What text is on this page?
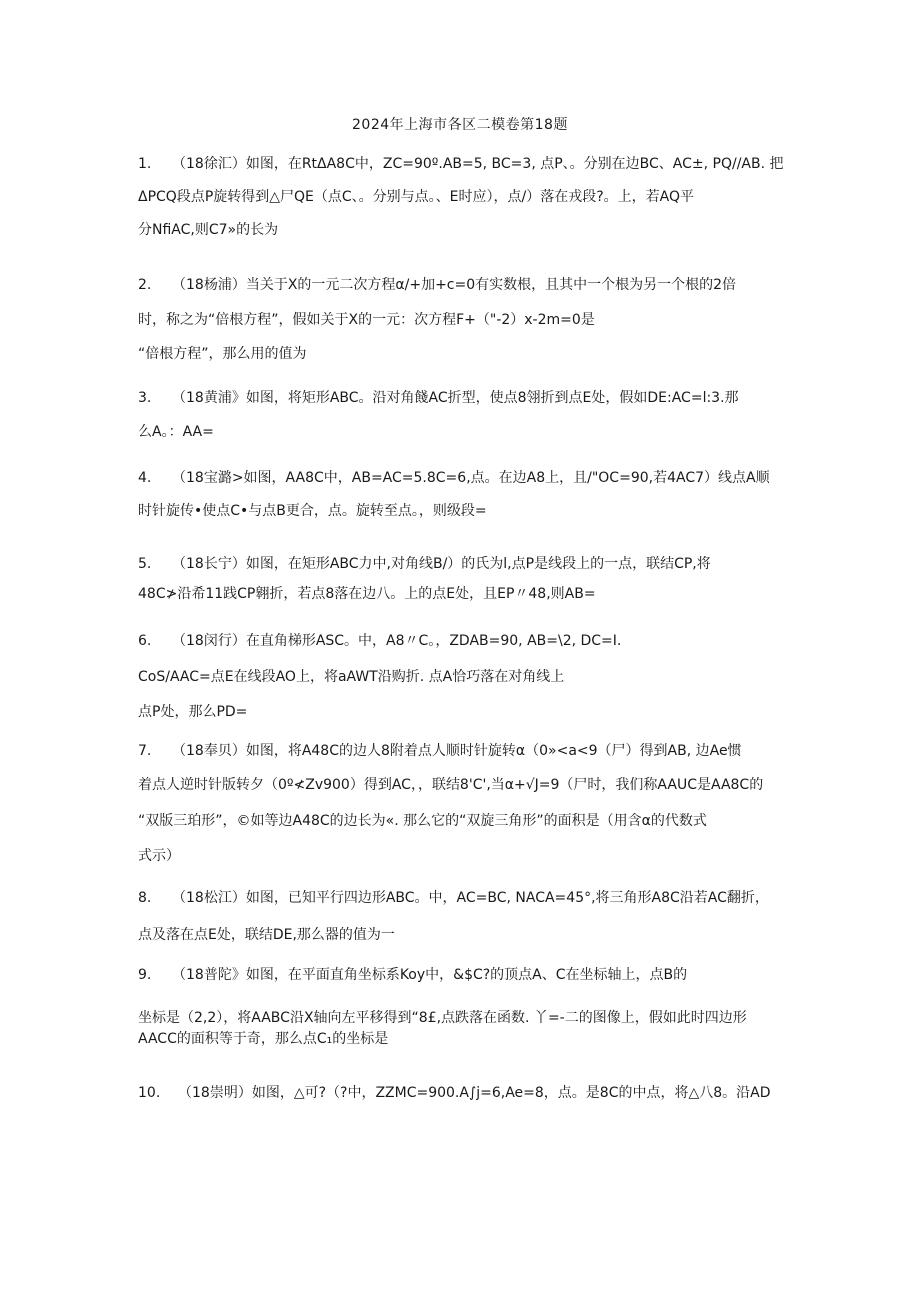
2024年上海市各区二模卷第18题
1. （18徐汇）如图，在RtΔA8C中，ZC=90º.AB=5, BC=3, 点P、。分别在边BC、AC±, PQ//AB. 把
ΔPCQ段点P旋转得到△尸QE（点C、。分别与点。、E时应），点/）落在戎段?。上，若AQ平
分NfiAC,则C7»的长为
2. （18杨浦）当关于X的一元二次方程α/+加+c=0有实数根，且其中一个根为另一个根的2倍
时，称之为“倍根方程”，假如关于X的一元：次方程F+（"-2）x-2m=0是
“倍根方程”，那么用的值为
3. （18黄浦》如图，将矩形ABC。沿对角餞AC折型，使点8翎折到点E处，假如DE:AC=l:3.那
么A。：AA=
4. （18宝潞>如图，AA8C中，AB=AC=5.8C=6,点。在边A8上，且/"OC=90,若4AC7）线点A顺
时针旋传•使点C•与点B更合，点。旋转至点。，则级段=
5. （18长宁）如图，在矩形ABC力中,对角线B/）的氏为l,点P是线段上的一点，联结CP,将
48C≯沿希11践CP翱折，若点8落在边八。上的点E处，且EP〃48,则AB=
6. （18闵行）在直角梯形ASC。中，A8〃C。，ZDAB=90, AB=\2, DC=I.
CoS/AAC=点E在线段AO上，将aAWT沿购折. 点A恰巧落在对角线上
点P处，那么PD=
7. （18奉贝）如图，将A48C的边人8附着点人顺时针旋转α（0»<a<9（尸）得到AB, 边Ae惯
着点人逆时针版转夕（0º≮Zv900）得到AC，，联结8'C',当α+√J=9（尸时，我们称AAUC是AA8C的
“双版三珀形”，©如等边A48C的边长为«. 那么它的“双旋三角形”的面积是（用含α的代数式
式示）
8. （18松江）如图，已知平行四边形ABC。中，AC=BC, NACA=45°,将三角形A8C沿若AC翻折，
点及落在点E处，联结DE,那么器的值为一
9. （18普陀》如图，在平面直角坐标系Koy中，&$C?的顶点A、C在坐标轴上，点B的
坐标是（2,2），将AABC沿X轴向左平移得到“8£,点跌落在函数. 丫=-二的图像上，假如此时四边形
AACC的面积等于奇，那么点C₁的坐标是
10. （18崇明）如图，△可?（?中，ZZMC=900.A∫j=6,Ae=8，点。是8C的中点，将△八8。沿AD
